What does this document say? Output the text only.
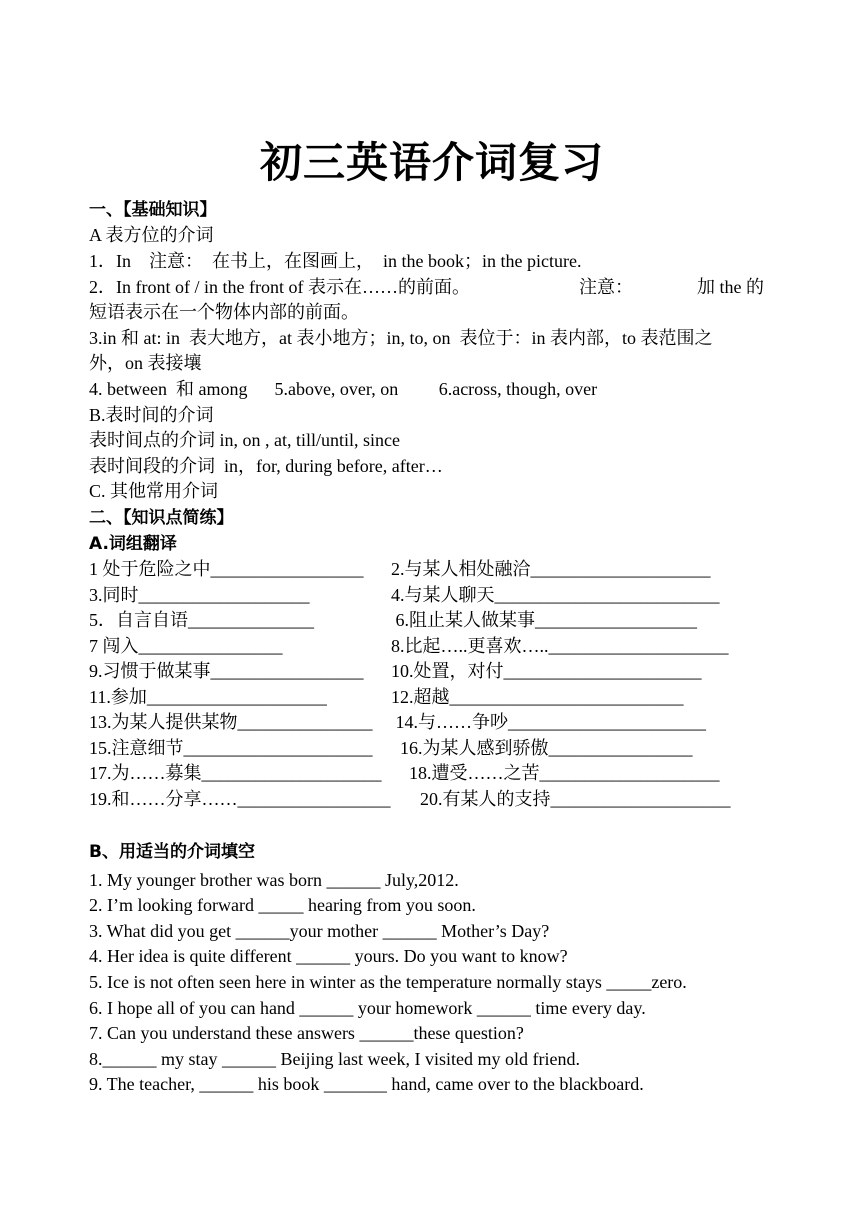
初三英语介词复习
一、【基础知识】
A 表方位的介词
1．In　注意：　在书上，在图画上，　in the book；in the picture.
2．In front of / in the front of 表示在……的前面。	注意：	加 the 的
短语表示在一个物体内部的前面。
3.in 和 at: in  表大地方，at 表小地方；in, to, on  表位于：in 表内部，to 表范围之
外，on 表接壤
4. between  和 among      5.above, over, on         6.across, though, over
B.表时间的介词
表时间点的介词 in, on , at, till/until, since
表时间段的介词  in，for, during before, after…
C. 其他常用介词
二、【知识点简练】
A.词组翻译
1 处于危险之中_________________ 2.与某人相处融洽____________________
3.同时___________________	4.与某人聊天_________________________
5．自言自语______________	6.阻止某人做某事__________________
7 闯入________________	8.比起…..更喜欢…..____________________
9.习惯于做某事_________________ 10.处置，对付______________________
11.参加____________________	12.超越__________________________
13.为某人提供某物_______________ 14.与……争吵______________________
15.注意细节_____________________ 16.为某人感到骄傲________________
17.为……募集____________________ 18.遭受……之苦____________________
19.和……分享……_________________ 20.有某人的支持____________________
B、用适当的介词填空
1. My younger brother was born ______ July,2012.
2. I’m looking forward _____ hearing from you soon.
3. What did you get ______your mother ______ Mother’s Day?
4. Her idea is quite different ______ yours. Do you want to know?
5. Ice is not often seen here in winter as the temperature normally stays _____zero.
6. I hope all of you can hand ______ your homework ______ time every day.
7. Can you understand these answers ______these question?
8.______ my stay ______ Beijing last week, I visited my old friend.
9. The teacher, ______ his book _______ hand, came over to the blackboard.
